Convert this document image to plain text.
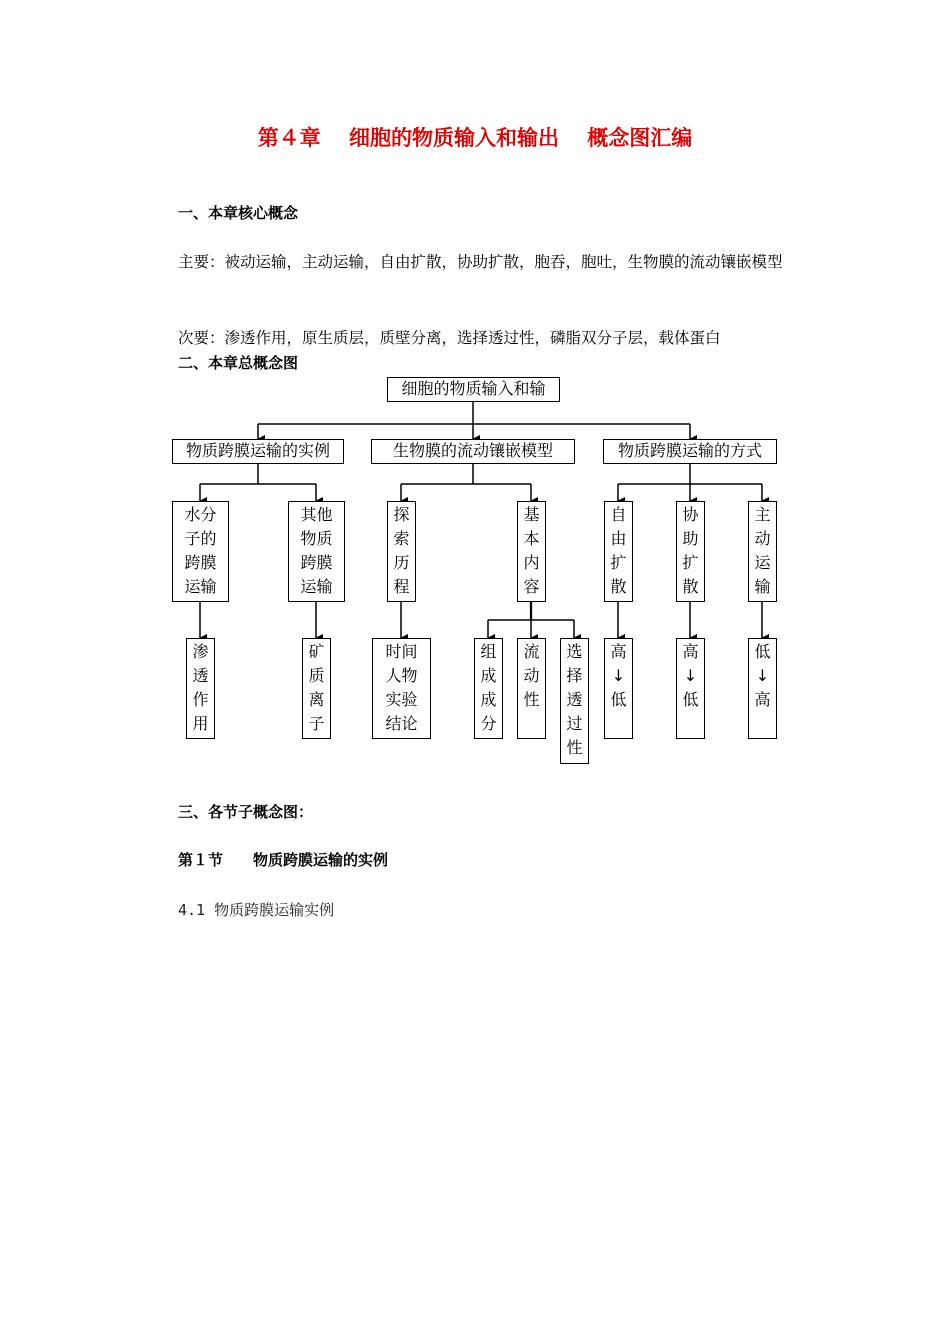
第４章　 细胞的物质输入和输出 　概念图汇编
一、本章核心概念
主要：被动运输，主动运输，自由扩散，协助扩散，胞吞，胞吐，生物膜的流动镶嵌模型
次要：渗透作用，原生质层，质壁分离，选择透过性，磷脂双分子层，载体蛋白
二、本章总概念图
细胞的物质输入和输
物质跨膜运输的实例	生物膜的流动镶嵌模型	物质跨膜运输的方式
水分子的跨膜运输
其他物质跨膜运输
探索历程
基本内容
自由扩散
协助扩散
主动运输
渗透作用
矿质离子
时间人物实验结论
组成成分
流动性
选择透过性
高↓低
高↓低
低↓高
三、各节子概念图：
第１节　　物质跨膜运输的实例
4.1 物质跨膜运输实例
